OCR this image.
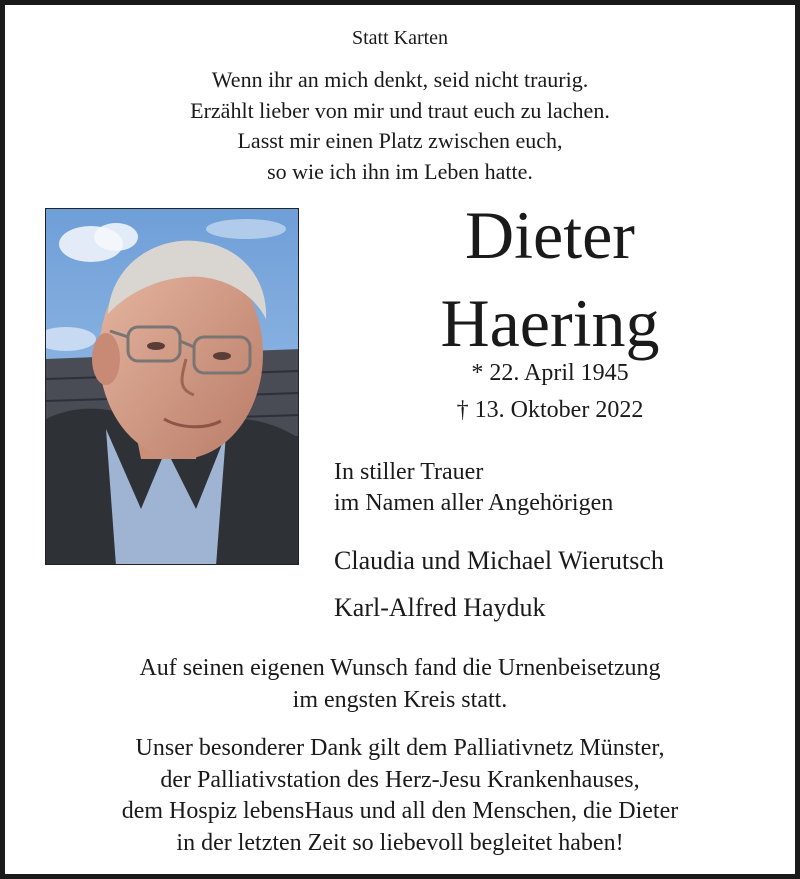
Statt Karten
Wenn ihr an mich denkt, seid nicht traurig.
Erzählt lieber von mir und traut euch zu lachen.
Lasst mir einen Platz zwischen euch,
so wie ich ihn im Leben hatte.
Dieter
Haering
* 22. April 1945
† 13. Oktober 2022
In stiller Trauer
im Namen aller Angehörigen
Claudia und Michael Wierutsch
Karl-Alfred Hayduk
Auf seinen eigenen Wunsch fand die Urnenbeisetzung
im engsten Kreis statt.
Unser besonderer Dank gilt dem Palliativnetz Münster,
der Palliativstation des Herz-Jesu Krankenhauses,
dem Hospiz lebensHaus und all den Menschen, die Dieter
in der letzten Zeit so liebevoll begleitet haben!
